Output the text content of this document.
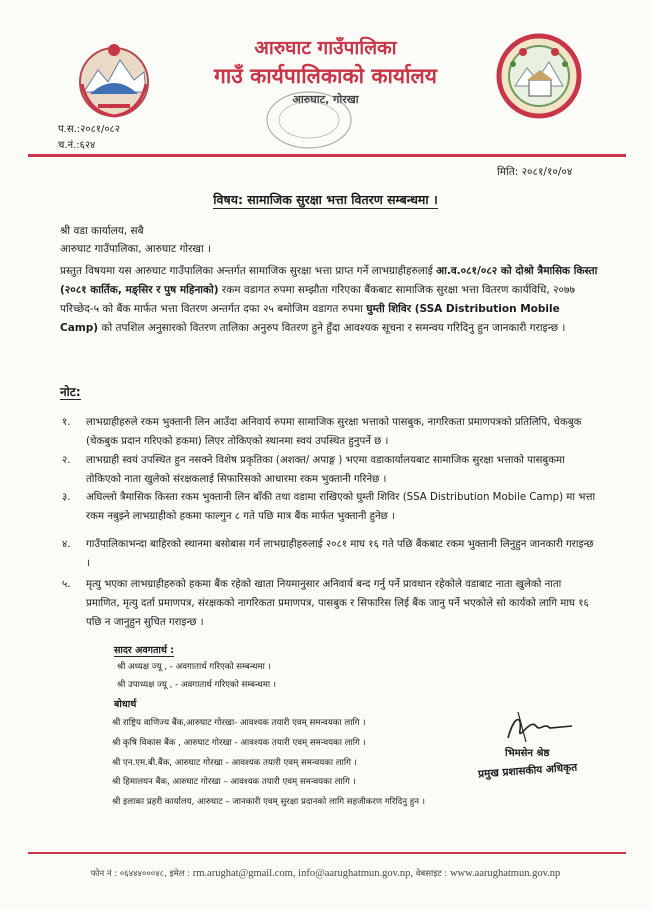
आरुघाट गाउँपालिका
गाउँ कार्यपालिकाको कार्यालय
आरुघाट, गोरखा
प.स.:२०८१/०८२
च.नं.:६२४
मिति: २०८१/१०/०४
विषय: सामाजिक सुरक्षा भत्ता वितरण सम्बन्धमा ।
श्री वडा कार्यालय, सबै
आरुघाट गाउँपालिका, आरुघाट गोरखा ।
प्रस्तुत विषयमा यस आरुघाट गाउँपालिका अन्तर्गत सामाजिक सुरक्षा भत्ता प्राप्त गर्ने लाभग्राहीहरुलाई आ.व.०८१/०८२ को दोश्रो त्रैमासिक किस्ता (२०८१ कार्तिक, मङ्सिर र पुष महिनाको) रकम वडागत रुपमा सम्झौता गरिएका बैंकबाट सामाजिक सुरक्षा भत्ता वितरण कार्यविधि, २०७७ परिच्छेद-५ को बैंक मार्फत भत्ता वितरण अन्तर्गत दफा २५ बमोजिम वडागत रुपमा घुम्ती शिविर (SSA Distribution Mobile Camp) को तपशिल अनुसारको वितरण तालिका अनुरुप वितरण हुने हुँदा आवश्यक सूचना र समन्वय गरिदिनु हुन जानकारी गराइन्छ ।
नोट:
१. लाभग्राहीहरुले रकम भुक्तानी लिन आउँदा अनिवार्य रुपमा सामाजिक सुरक्षा भत्ताको पासबुक, नागरिकता प्रमाणपत्रको प्रतिलिपि, चेकबुक (चेकबुक प्रदान गरिएको हकमा) लिएर तोकिएको स्थानमा स्वयं उपस्थित हुनुपर्ने छ ।
२. लाभग्राही स्वयं उपस्थित हुन नसक्ने विशेष प्रकृतिका (अशक्त/ अपाङ्ग ) भएमा वडाकार्यालयबाट सामाजिक सुरक्षा भत्ताको पासबुकमा तोकिएको नाता खुलेको संरक्षकलाई सिफारिसको आधारमा रकम भुक्तानी गरिनेछ ।
३. अघिल्लो त्रैमासिक किस्ता रकम भुक्तानी लिन बाँकी तथा वडामा राखिएको घुम्ती शिविर (SSA Distribution Mobile Camp) मा भत्ता रकम नबुझ्ने लाभग्राहीको हकमा फाल्गुन ८ गते पछि मात्र बैंक मार्फत भुक्तानी हुनेछ ।
४. गाउँपालिकाभन्दा बाहिरको स्थानमा बसोबास गर्न लाभग्राहीहरुलाई २०८१ माघ १६ गते पछि बैंकबाट रकम भुक्तानी लिनुहुन जानकारी गराइन्छ ।
५. मृत्यु भएका लाभग्राहीहरुको हकमा बैंक रहेको खाता नियमानुसार अनिवार्य बन्द गर्नु पर्ने प्रावधान रहेकोले वडाबाट नाता खुलेको नाता प्रमाणित, मृत्यु दर्ता प्रमाणपत्र, संरक्षकको नागरिकता प्रमाणपत्र, पासबुक र सिफारिस लिई बैंक जानु पर्ने भएकोले सो कार्यको लागि माघ १६ पछि न जानुहुन सुचित गराइन्छ ।
सादर अवगतार्थ :
श्री अध्यक्ष ज्यू , - अवगातार्थ गरिएको सम्बन्धमा ।
श्री उपाध्यक्ष ज्यू , - अवगातार्थ गरिएको सम्बन्धमा ।
बोधार्थ
श्री राष्ट्रिय वाणिज्य बैंक,आरुघाट गोरखा- आवश्यक तयारी एवम् समन्वयका लागि ।
श्री कृषि विकास बैंक , आरुघाट गोरखा - आवश्यक तयारी एवम् समन्वयका लागि ।
श्री एन.एम.बी.बैंक, आरुघाट गोरखा - आवश्यक तयारी एवम् समन्वयका लागि ।
श्री हिमालयन बैंक, आरुघाट गोरखा – आवश्यक तयारी एवम् समन्वयका लागि ।
श्री इलाका प्रहरी कार्यालय, आरुघाट – जानकारी एवम् सुरक्षा प्रदानको लागि सहजीकरण गरिदिनु हुन ।
भिमसेन श्रेष्ठ
प्रमुख प्रशासकीय अधिकृत
फोन नं : ०६४४४०००४८, इमेल : rm.arughat@gmail.com, info@aarughatmun.gov.np, वेबसाइट : www.aarughatmun.gov.np
